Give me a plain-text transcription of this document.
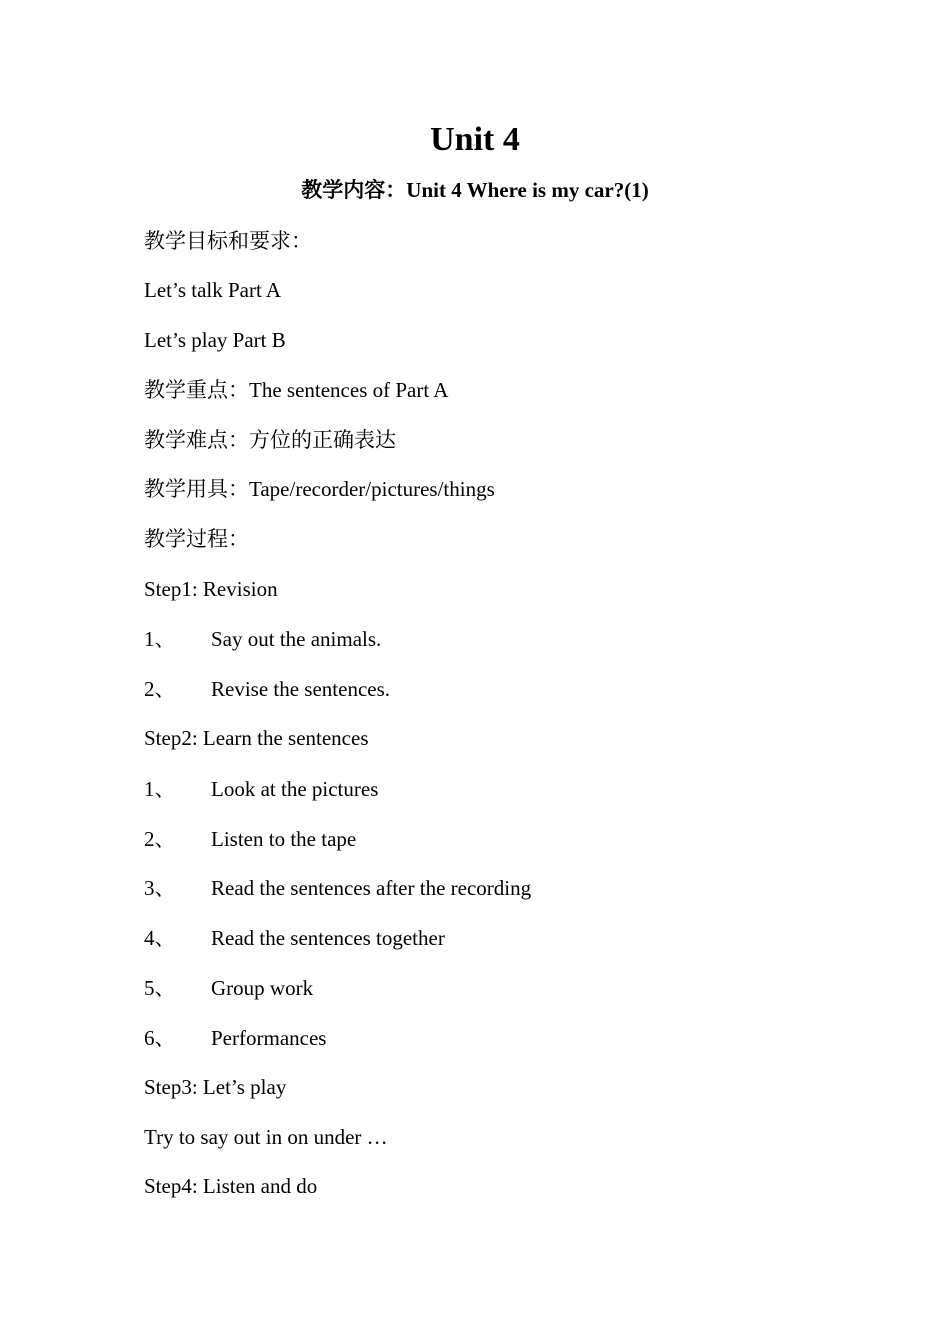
Unit 4
教学内容：Unit 4 Where is my car?(1)
教学目标和要求：
Let’s talk Part A
Let’s play Part B
教学重点：The sentences of Part A
教学难点：方位的正确表达
教学用具：Tape/recorder/pictures/things
教学过程：
Step1: Revision
1、 Say out the animals.
2、 Revise the sentences.
Step2: Learn the sentences
1、 Look at the pictures
2、 Listen to the tape
3、 Read the sentences after the recording
4、 Read the sentences together
5、 Group work
6、 Performances
Step3: Let’s play
Try to say out in on under …
Step4: Listen and do
